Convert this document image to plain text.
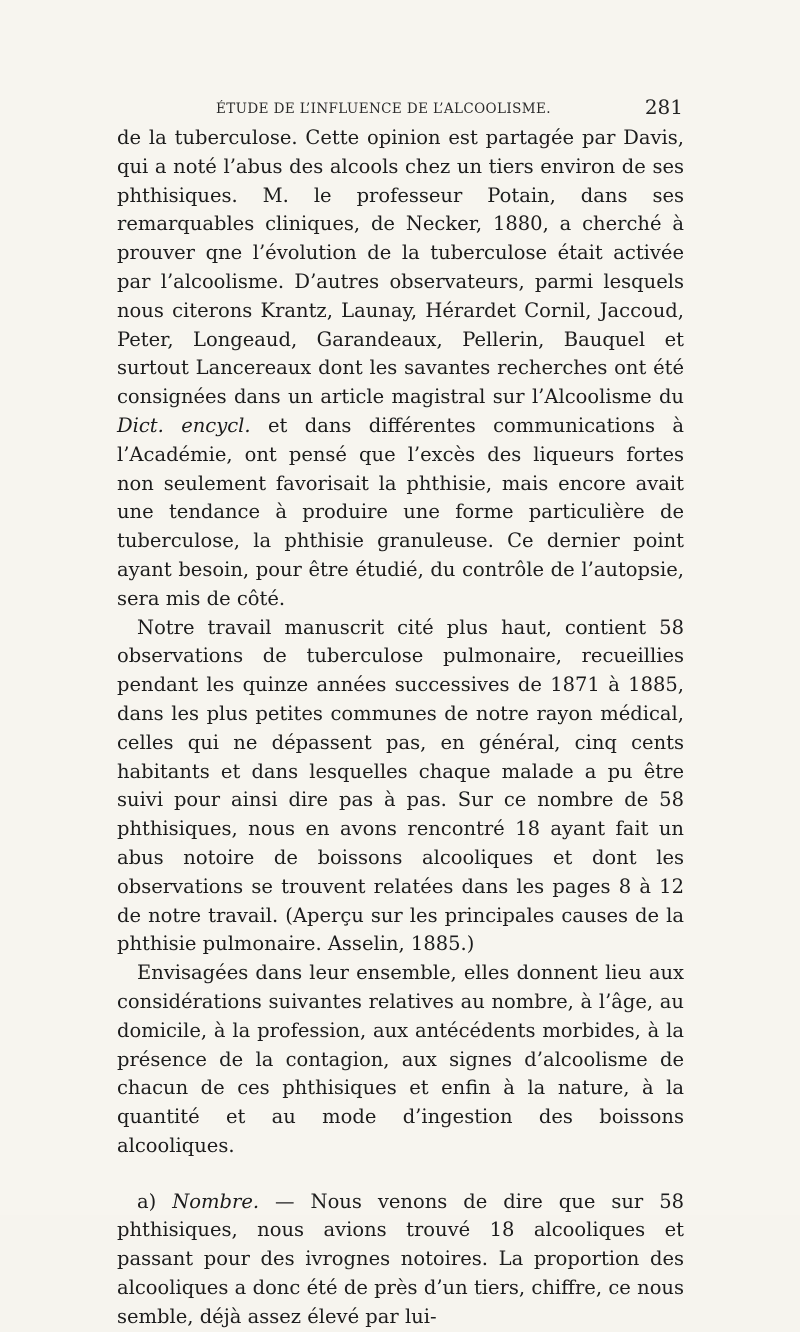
ÉTUDE DE L’INFLUENCE DE L’ALCOOLISME.	281

de la tuberculose. Cette opinion est partagée par Davis, qui a noté l’abus des alcools chez un tiers environ de ses phthisiques. M. le professeur Potain, dans ses remarquables cliniques, de Necker, 1880, a cherché à prouver qne l’évolution de la tuberculose était activée par l’alcoolisme. D’autres observateurs, parmi lesquels nous citerons Krantz, Launay, Hérardet Cornil, Jaccoud, Peter, Longeaud, Garandeaux, Pellerin, Bauquel et surtout Lancereaux dont les savantes recherches ont été consignées dans un article magistral sur l’Alcoolisme du Dict. encycl. et dans différentes communications à l’Académie, ont pensé que l’excès des liqueurs fortes non seulement favorisait la phthisie, mais encore avait une tendance à produire une forme particulière de tuberculose, la phthisie granuleuse. Ce dernier point ayant besoin, pour être étudié, du contrôle de l’autopsie, sera mis de côté.

Notre travail manuscrit cité plus haut, contient 58 observations de tuberculose pulmonaire, recueillies pendant les quinze années successives de 1871 à 1885, dans les plus petites communes de notre rayon médical, celles qui ne dépassent pas, en général, cinq cents habitants et dans lesquelles chaque malade a pu être suivi pour ainsi dire pas à pas. Sur ce nombre de 58 phthisiques, nous en avons rencontré 18 ayant fait un abus notoire de boissons alcooliques et dont les observations se trouvent relatées dans les pages 8 à 12 de notre travail. (Aperçu sur les principales causes de la phthisie pulmonaire. Asselin, 1885.)

Envisagées dans leur ensemble, elles donnent lieu aux considérations suivantes relatives au nombre, à l’âge, au domicile, à la profession, aux antécédents morbides, à la présence de la contagion, aux signes d’alcoolisme de chacun de ces phthisiques et enfin à la nature, à la quantité et au mode d’ingestion des boissons alcooliques.

a) Nombre. — Nous venons de dire que sur 58 phthisiques, nous avions trouvé 18 alcooliques et passant pour des ivrognes notoires. La proportion des alcooliques a donc été de près d’un tiers, chiffre, ce nous semble, déjà assez élevé par lui-
